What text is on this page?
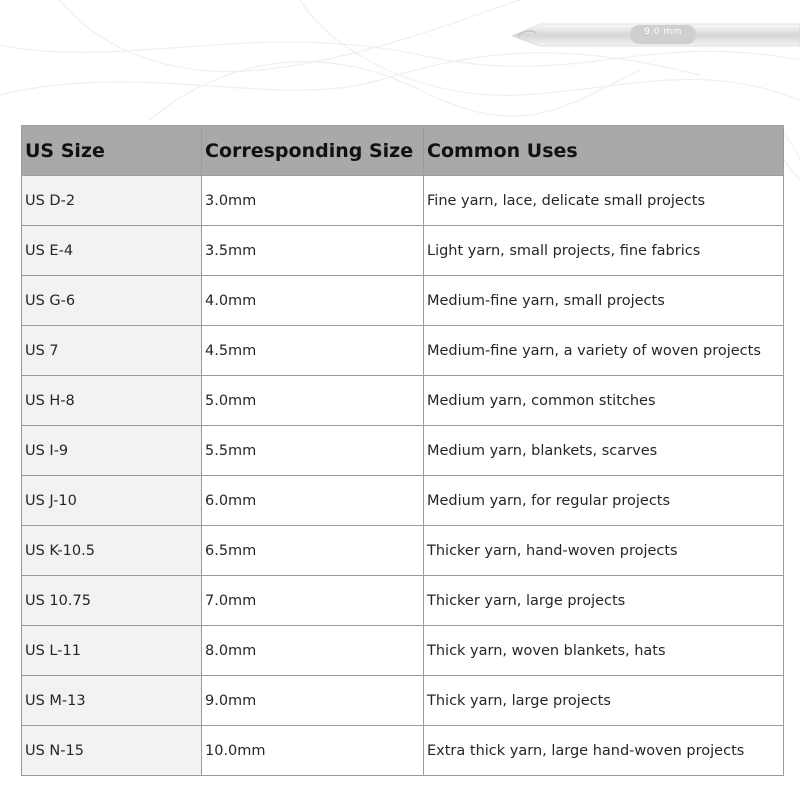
9.0 mm
US Size	Corresponding Size	Common Uses
US D-2	3.0mm	Fine yarn, lace, delicate small projects
US E-4	3.5mm	Light yarn, small projects, fine fabrics
US G-6	4.0mm	Medium-fine yarn, small projects
US 7	4.5mm	Medium-fine yarn, a variety of woven projects
US H-8	5.0mm	Medium yarn, common stitches
US I-9	5.5mm	Medium yarn, blankets, scarves
US J-10	6.0mm	Medium yarn, for regular projects
US K-10.5	6.5mm	Thicker yarn, hand-woven projects
US 10.75	7.0mm	Thicker yarn, large projects
US L-11	8.0mm	Thick yarn, woven blankets, hats
US M-13	9.0mm	Thick yarn, large projects
US N-15	10.0mm	Extra thick yarn, large hand-woven projects
